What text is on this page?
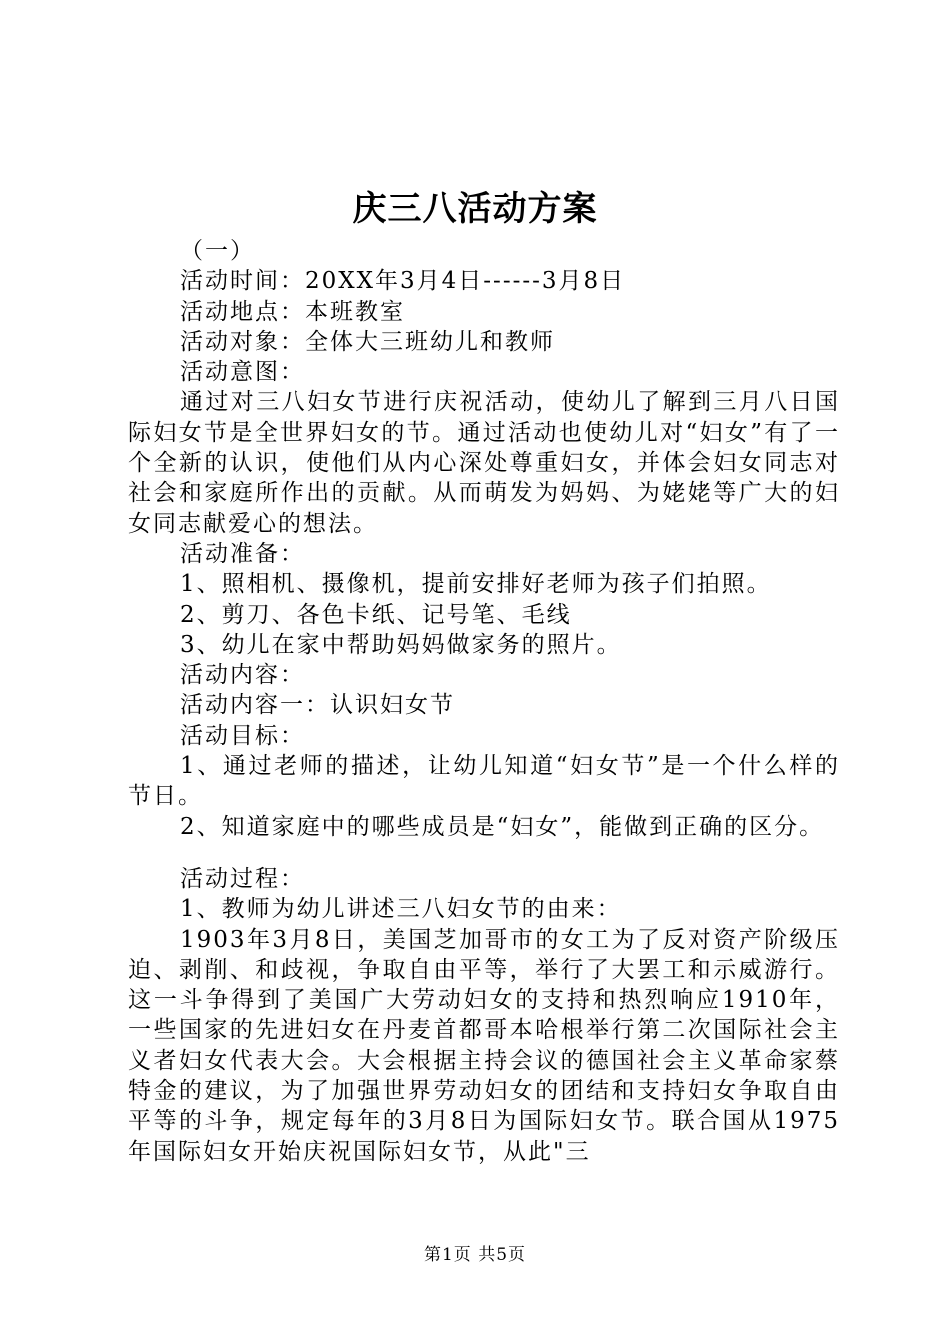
庆三八活动方案
（一）
活动时间：20XX年3月4日------3月8日
活动地点：本班教室
活动对象：全体大三班幼儿和教师
活动意图：
通过对三八妇女节进行庆祝活动，使幼儿了解到三月八日国际妇女节是全世界妇女的节。通过活动也使幼儿对“妇女”有了一个全新的认识，使他们从内心深处尊重妇女，并体会妇女同志对社会和家庭所作出的贡献。从而萌发为妈妈、为姥姥等广大的妇女同志献爱心的想法。
活动准备：
1、照相机、摄像机，提前安排好老师为孩子们拍照。
2、剪刀、各色卡纸、记号笔、毛线
3、幼儿在家中帮助妈妈做家务的照片。
活动内容：
活动内容一：认识妇女节
活动目标：
1、通过老师的描述，让幼儿知道“妇女节”是一个什么样的节日。
2、知道家庭中的哪些成员是“妇女”，能做到正确的区分。
活动过程：
1、教师为幼儿讲述三八妇女节的由来：
1903年3月8日，美国芝加哥市的女工为了反对资产阶级压迫、剥削、和歧视，争取自由平等，举行了大罢工和示威游行。这一斗争得到了美国广大劳动妇女的支持和热烈响应1910年，一些国家的先进妇女在丹麦首都哥本哈根举行第二次国际社会主义者妇女代表大会。大会根据主持会议的德国社会主义革命家蔡特金的建议，为了加强世界劳动妇女的团结和支持妇女争取自由平等的斗争，规定每年的3月8日为国际妇女节。联合国从1975年国际妇女开始庆祝国际妇女节，从此"三
第1页 共5页
